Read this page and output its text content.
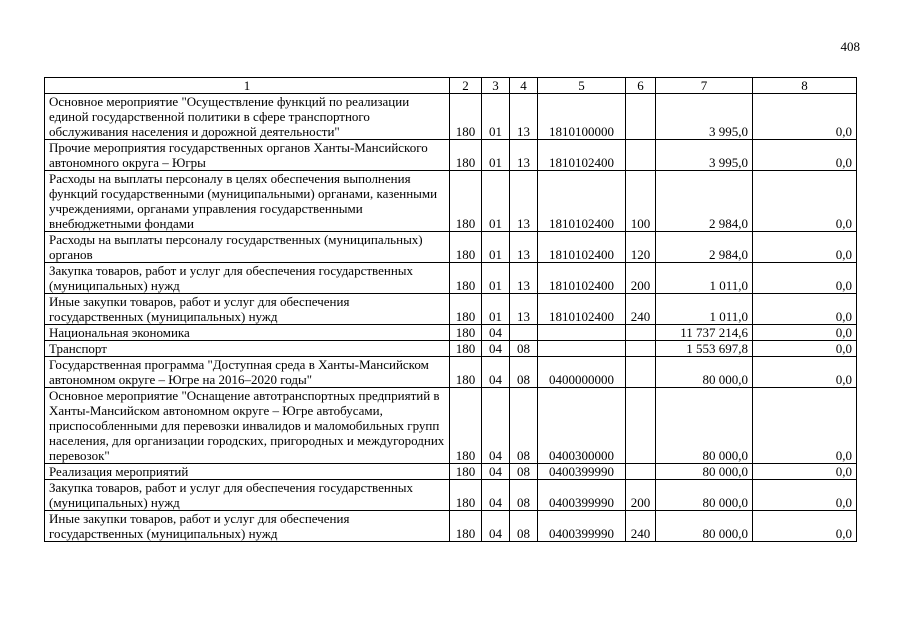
408
1	2	3	4	5	6	7	8
Основное мероприятие "Осуществление функций по реализации единой государственной политики в сфере транспортного обслуживания населения и дорожной деятельности"	180	01	13	1810100000		3 995,0	0,0
Прочие мероприятия государственных органов Ханты-Мансийского автономного округа – Югры	180	01	13	1810102400		3 995,0	0,0
Расходы на выплаты персоналу в целях обеспечения выполнения функций государственными (муниципальными) органами, казенными учреждениями, органами управления государственными внебюджетными фондами	180	01	13	1810102400	100	2 984,0	0,0
Расходы на выплаты персоналу государственных (муниципальных) органов	180	01	13	1810102400	120	2 984,0	0,0
Закупка товаров, работ и услуг для обеспечения государственных (муниципальных) нужд	180	01	13	1810102400	200	1 011,0	0,0
Иные закупки товаров, работ и услуг для обеспечения государственных (муниципальных) нужд	180	01	13	1810102400	240	1 011,0	0,0
Национальная экономика	180	04				11 737 214,6	0,0
Транспорт	180	04	08			1 553 697,8	0,0
Государственная программа "Доступная среда в Ханты-Мансийском автономном округе – Югре на 2016–2020 годы"	180	04	08	0400000000		80 000,0	0,0
Основное мероприятие "Оснащение автотранспортных предприятий в Ханты-Мансийском автономном округе – Югре автобусами, приспособленными для перевозки инвалидов и маломобильных групп населения, для организации городских, пригородных и междугородних перевозок"	180	04	08	0400300000		80 000,0	0,0
Реализация мероприятий	180	04	08	0400399990		80 000,0	0,0
Закупка товаров, работ и услуг для обеспечения государственных (муниципальных) нужд	180	04	08	0400399990	200	80 000,0	0,0
Иные закупки товаров, работ и услуг для обеспечения государственных (муниципальных) нужд	180	04	08	0400399990	240	80 000,0	0,0
